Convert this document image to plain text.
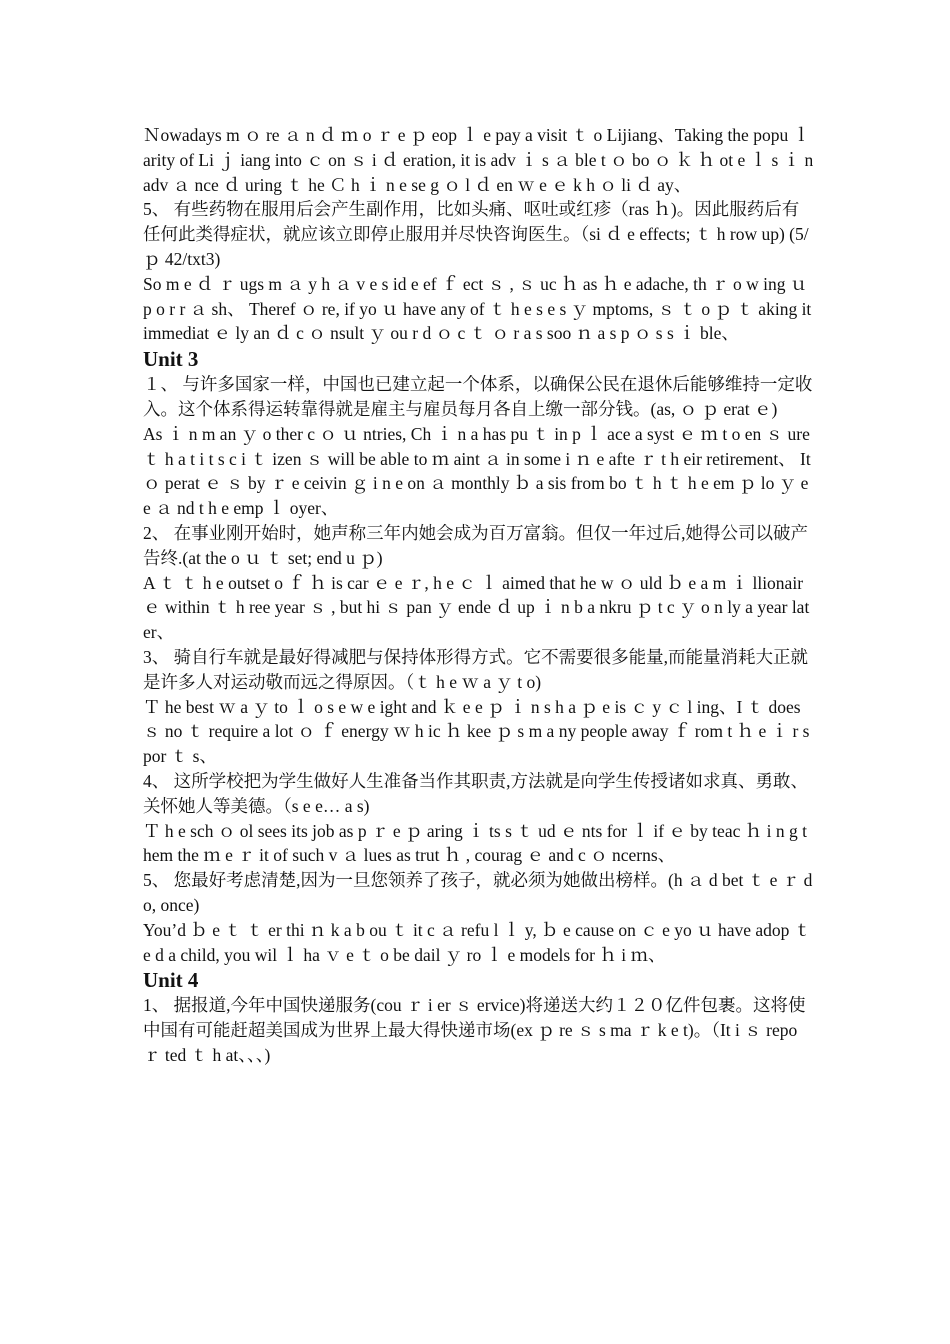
Ｎowadays m ｏ re ａ n ｄ ｍ o ｒ e ｐ eop ｌ e pay a visit ｔ o Lijiang、Taking the popu ｌ arity of Li ｊ iang into ｃ on ｓ i ｄ eration, it is adv ｉ s ａ ble t ｏ bo ｏ ｋ ｈ ot e ｌ s ｉ n adv ａ nce ｄ uring ｔ he Ｃ h ｉ n e se g ｏ l ｄ en ｗ e ｅ k h ｏ li ｄ ay、

5、 有些药物在服用后会产生副作用，比如头痛、呕吐或红疹（ras ｈ)。因此服药后有任何此类得症状，就应该立即停止服用并尽快咨询医生。（si ｄ e effects; ｔ h row up) (5/ ｐ 42/txt3)

So m e ｄ ｒ ugs m ａ y h ａ v e s id e ef ｆ ect ｓ , ｓ uc ｈ as ｈ e adache, th ｒ o w ing ｕ p o r r ａ sh、 Theref ｏ re, if yo ｕ have any of ｔ h e s e s ｙ mptoms, ｓ ｔ o ｐ ｔ aking it immediat ｅ ly an ｄ c ｏ nsult ｙ ou r d ｏ c ｔ ｏ r a s soo ｎ a s p ｏ s s ｉ ble、

Unit 3

１、 与许多国家一样，中国也已建立起一个体系，以确保公民在退休后能够维持一定收入。这个体系得运转靠得就是雇主与雇员每月各自上缴一部分钱。(as, ｏ ｐ erat ｅ)

As ｉ n m an ｙ o ther c ｏ ｕ ntries, Ch ｉ n a has pu ｔ in p ｌ ace a syst ｅ ｍ t o en ｓ ure ｔ h a t i t s c i ｔ izen ｓ will be able to ｍ aint ａ in some i ｎ e afte ｒ t h eir retirement、 It ｏ perat ｅ ｓ by ｒ e ceivin ｇ i n e on ａ monthly ｂ a sis from bo ｔ h ｔ h e em ｐ lo ｙ e e ａ nd t h e emp ｌ oyer、

2、 在事业刚开始时，她声称三年内她会成为百万富翁。但仅一年过后,她得公司以破产告终.(at the o ｕ ｔ set; end u ｐ)

A ｔ ｔ h e outset o ｆ ｈ is car ｅ e ｒ, h e ｃ ｌ aimed that he w ｏ uld ｂ e a m ｉ llionair ｅ within ｔ h ree year ｓ , but hi ｓ pan ｙ ende ｄ up ｉ n b a nkru ｐ t c ｙ o n ly a year later、

3、 骑自行车就是最好得减肥与保持体形得方式。它不需要很多能量,而能量消耗大正就是许多人对运动敬而远之得原因。（ｔ h e ｗ a ｙ t o)

Ｔ he best ｗ a ｙ to ｌ o s e w e ight and ｋ e e ｐ ｉ n s h a ｐ e is ｃ y ｃ l ing、I ｔ does ｓ no ｔ require a lot ｏ ｆ energy ｗ h ic ｈ kee ｐ s m a ny people away ｆ rom t ｈ e ｉ r spor ｔ s、

4、 这所学校把为学生做好人生准备当作其职责,方法就是向学生传授诸如求真、勇敢、关怀她人等美德。（s e e… a s)

Ｔ h e sch ｏ ol sees its job as p ｒ e ｐ aring ｉ ts s ｔ ud ｅ nts for ｌ if ｅ by teac ｈ i n g them the ｍ e ｒ it of such v ａ lues as trut ｈ , courag ｅ and c ｏ ncerns、

5、 您最好考虑清楚,因为一旦您领养了孩子，就必须为她做出榜样。(h ａ d bet ｔ e ｒ do, once)

You’d ｂ e ｔ ｔ er thi ｎ k a b ou ｔ it c ａ refu l ｌ y, ｂ e cause on ｃ e yo ｕ have adop ｔ e d a child, you wil ｌ ha ｖ e ｔ o be dail ｙ ro ｌ e models for ｈ i ｍ、

Unit 4

1、 据报道,今年中国快递服务(cou ｒ i er ｓ ervice)将递送大约１２０亿件包裹。这将使中国有可能赶超美国成为世界上最大得快递市场(ex ｐ re ｓ s ma ｒ k e t)。（It i ｓ repo ｒ ted ｔ h at、、、)
